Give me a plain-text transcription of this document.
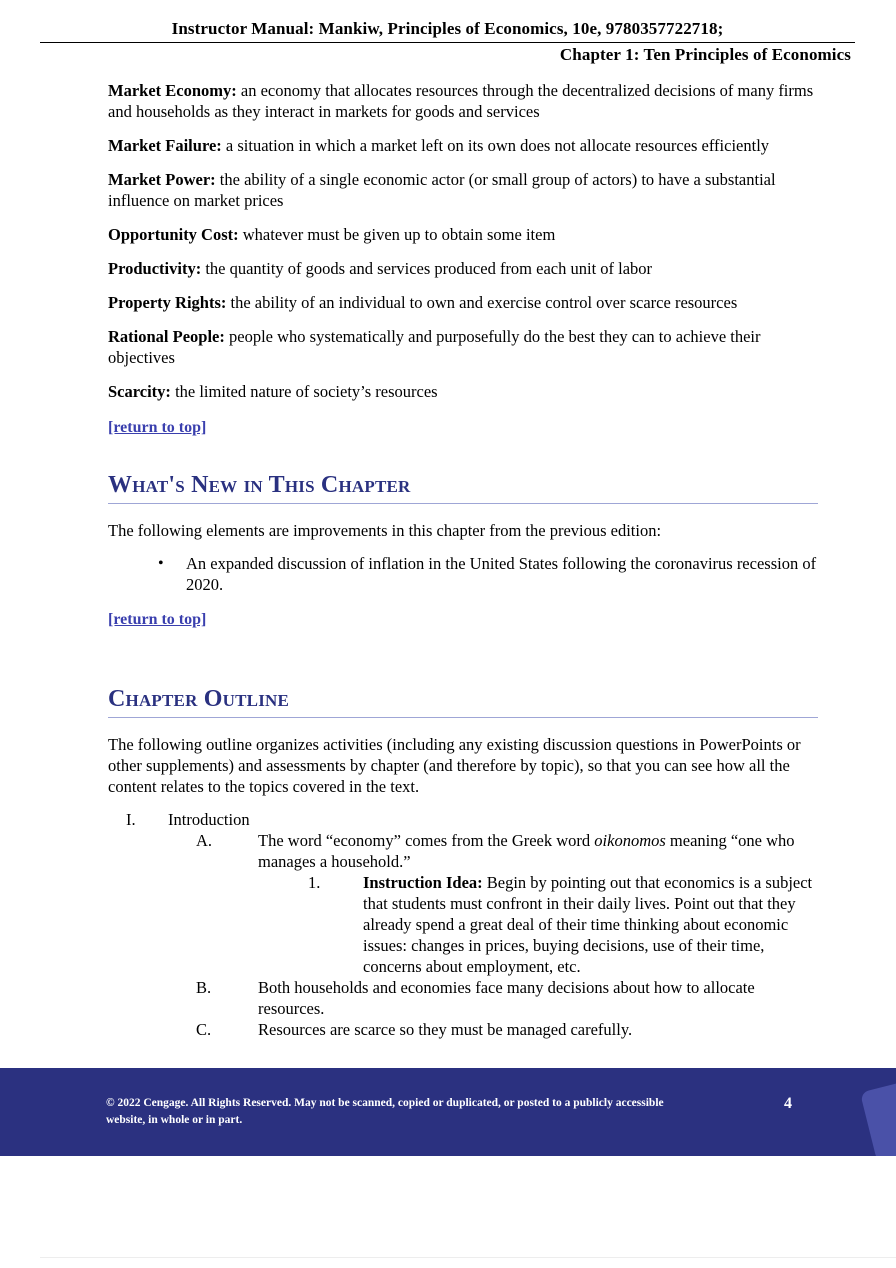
Instructor Manual: Mankiw, Principles of Economics, 10e, 9780357722718;
Chapter 1: Ten Principles of Economics

Market Economy: an economy that allocates resources through the decentralized decisions of many firms and households as they interact in markets for goods and services

Market Failure: a situation in which a market left on its own does not allocate resources efficiently

Market Power: the ability of a single economic actor (or small group of actors) to have a substantial influence on market prices

Opportunity Cost: whatever must be given up to obtain some item

Productivity: the quantity of goods and services produced from each unit of labor

Property Rights: the ability of an individual to own and exercise control over scarce resources

Rational People: people who systematically and purposefully do the best they can to achieve their objectives

Scarcity: the limited nature of society’s resources

[return to top]
What's New in This Chapter

The following elements are improvements in this chapter from the previous edition:

• An expanded discussion of inflation in the United States following the coronavirus recession of 2020.
[return to top]
Chapter Outline

The following outline organizes activities (including any existing discussion questions in PowerPoints or other supplements) and assessments by chapter (and therefore by topic), so that you can see how all the content relates to the topics covered in the text.

I.	Introduction
A.	The word “economy” comes from the Greek word oikonomos meaning “one who manages a household.”
1.	Instruction Idea: Begin by pointing out that economics is a subject that students must confront in their daily lives. Point out that they already spend a great deal of their time thinking about economic issues: changes in prices, buying decisions, use of their time, concerns about employment, etc.
B.	Both households and economies face many decisions about how to allocate resources.
C.	Resources are scarce so they must be managed carefully.
© 2022 Cengage. All Rights Reserved. May not be scanned, copied or duplicated, or posted to a publicly accessible website, in whole or in part.
4
